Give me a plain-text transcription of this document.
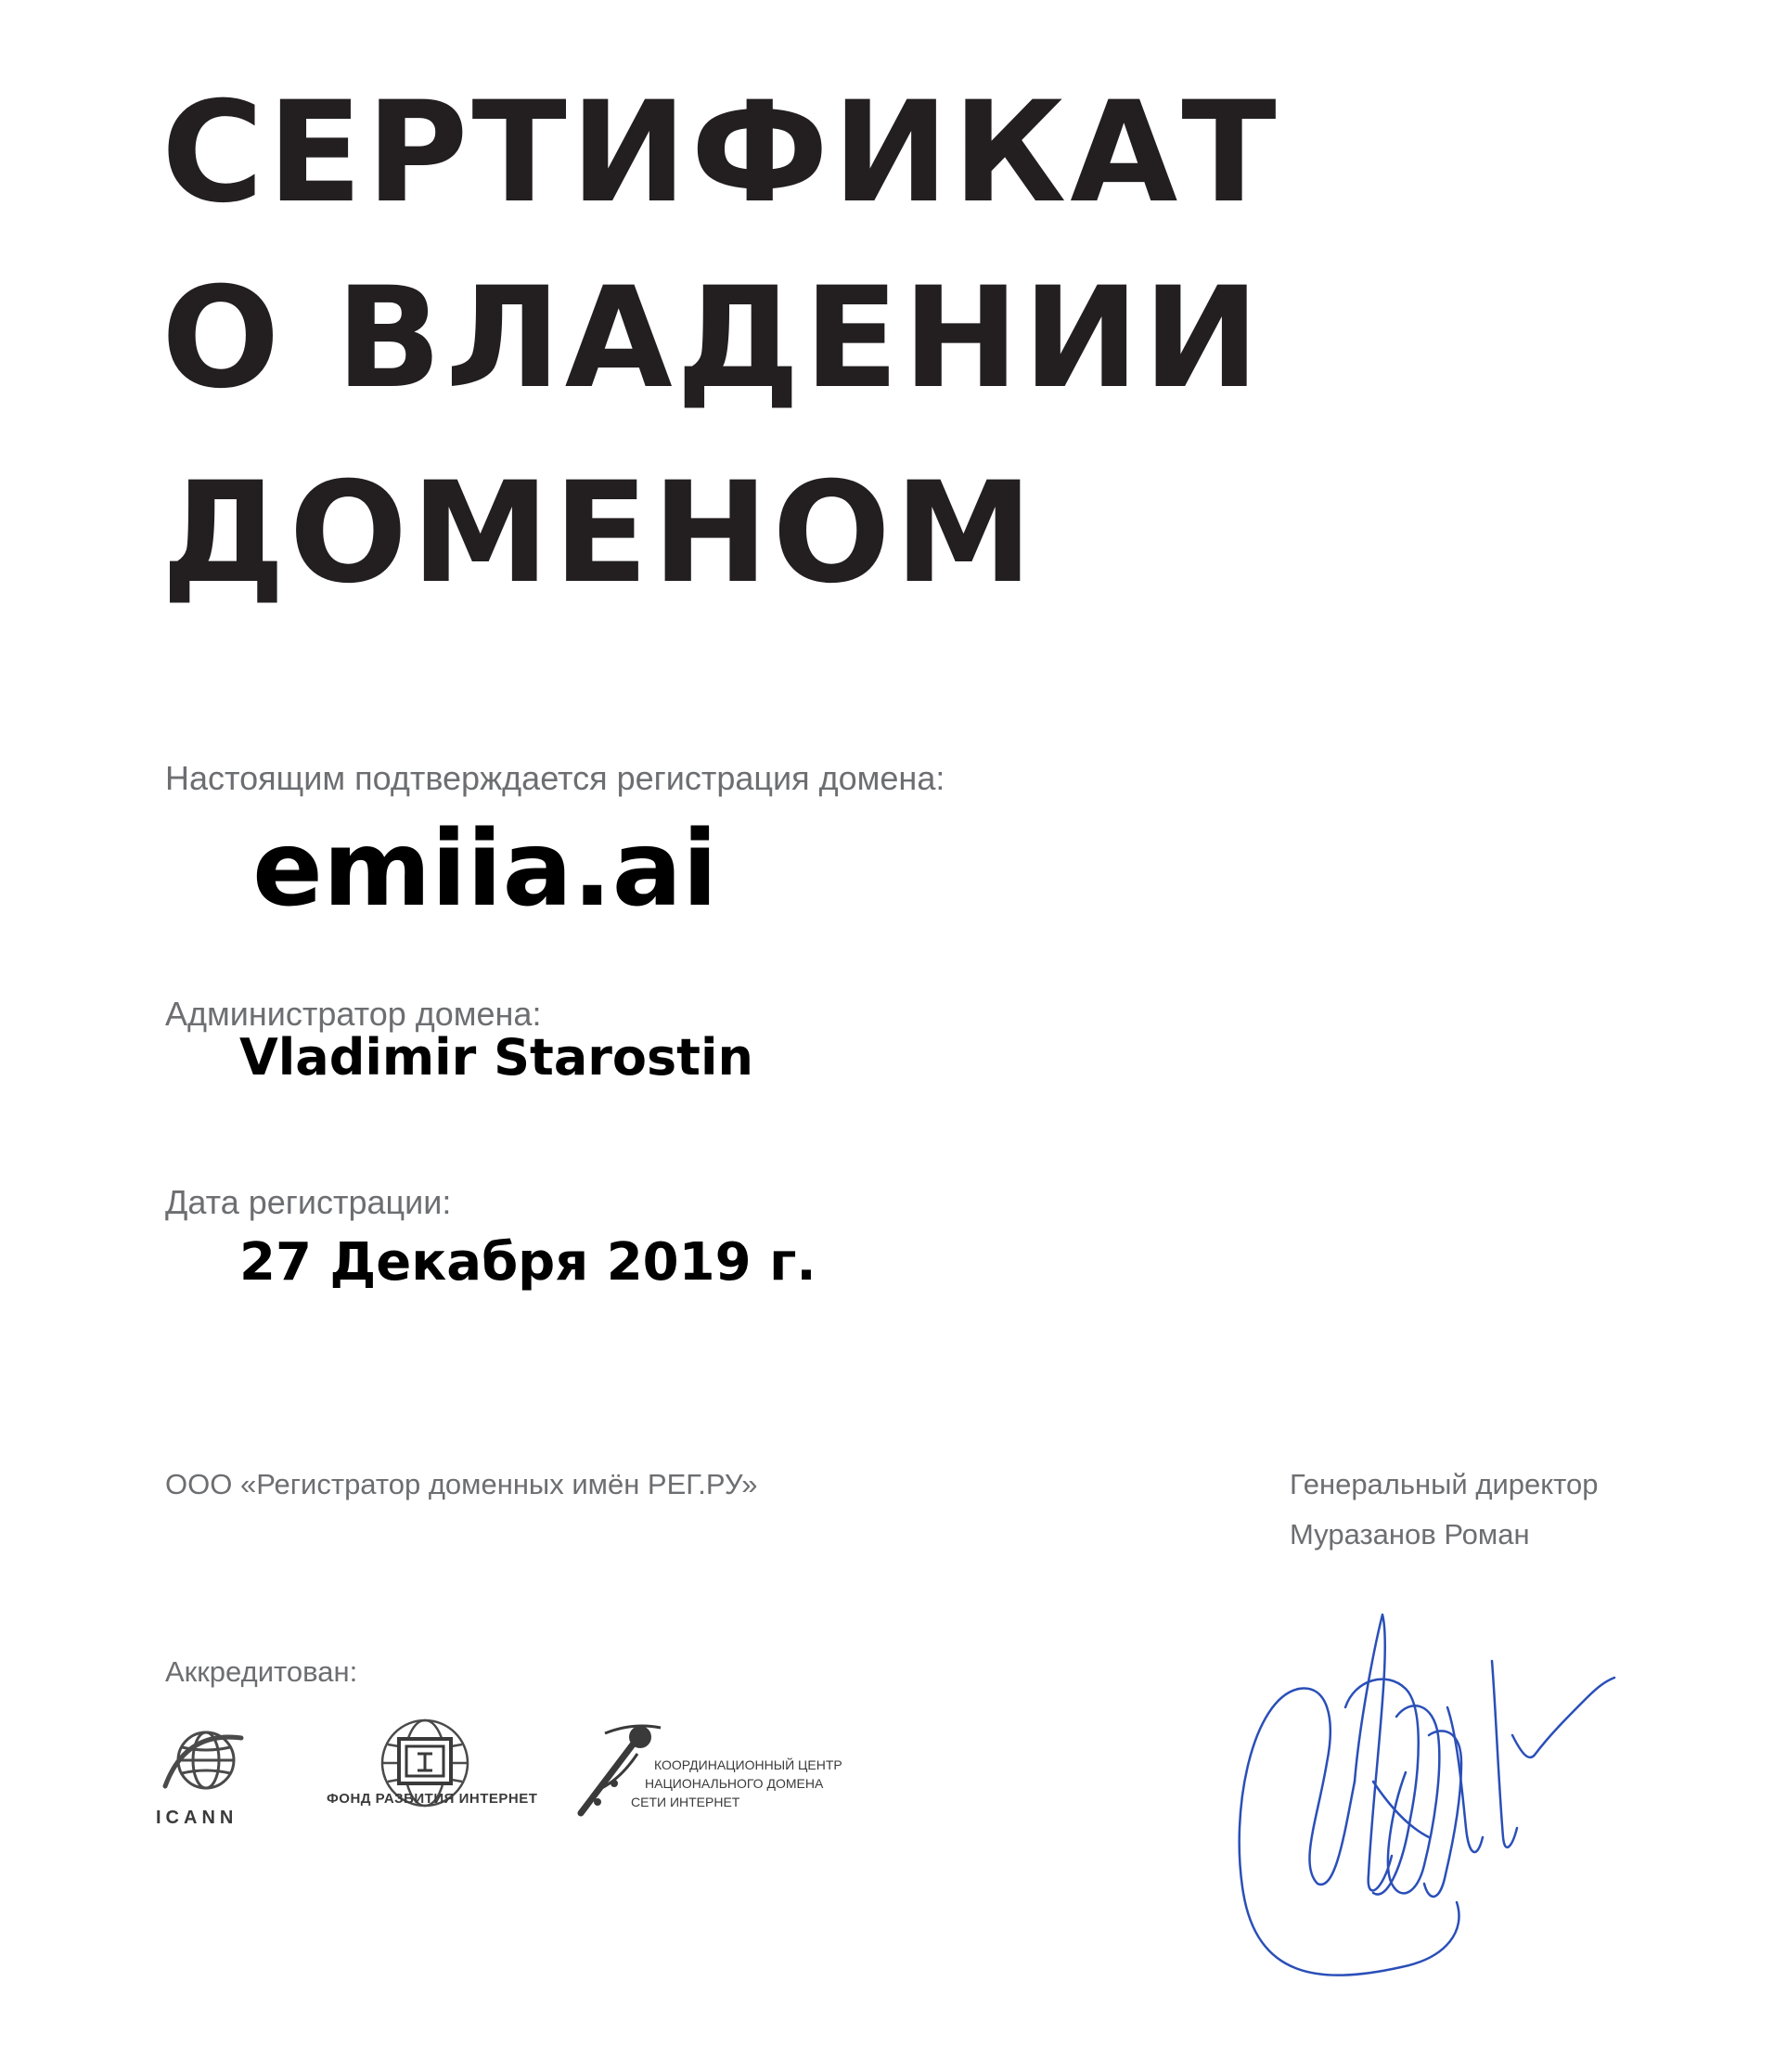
СЕРТИФИКАТ
О ВЛАДЕНИИ
ДОМЕНОМ
Настоящим подтверждается регистрация домена:
emiia.ai
Администратор домена:
Vladimir Starostin
Дата регистрации:
27 Декабря 2019 г.
ООО «Регистратор доменных имён РЕГ.РУ»	Генеральный директор
Муразанов Роман
Аккредитован:
ICANN
ФОНД РАЗВИТИЯ ИНТЕРНЕТ
КООРДИНАЦИОННЫЙ ЦЕНТР
НАЦИОНАЛЬНОГО ДОМЕНА
СЕТИ ИНТЕРНЕТ
